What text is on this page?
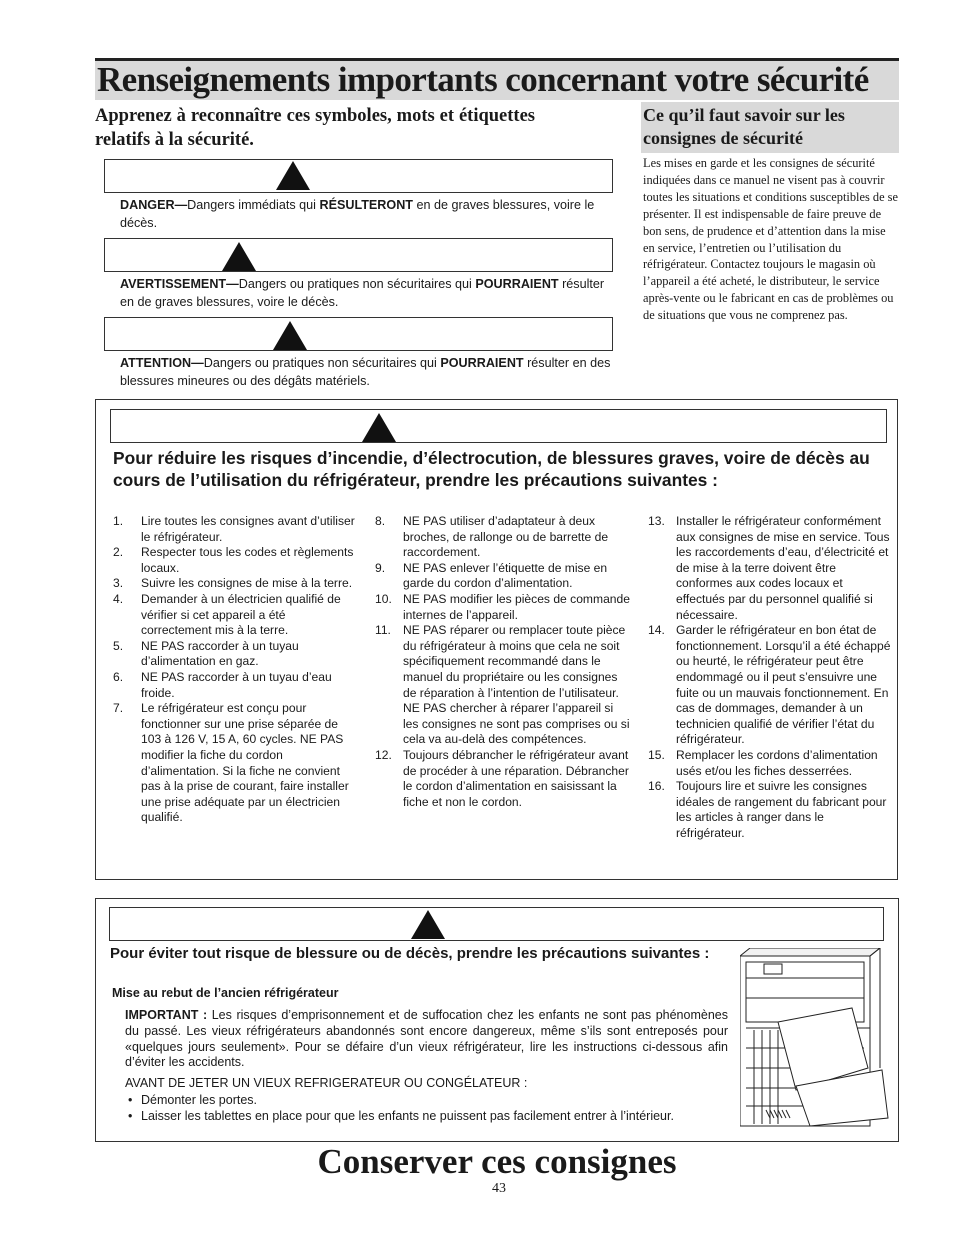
Renseignements importants concernant votre sécurité
Apprenez à reconnaître ces symboles, mots et étiquettes relatifs à la sécurité.
Ce qu’il faut savoir sur les consignes de sécurité
Les mises en garde et les consignes de sécurité indiquées dans ce manuel ne visent pas à couvrir toutes les situations et conditions susceptibles de se présenter. Il est indispensable de faire preuve de bon sens, de prudence et d’attention dans la mise en service, l’entretien ou l’utilisation du réfrigérateur. Contactez toujours le magasin où l’appareil a été acheté, le distributeur, le service après-vente ou le fabricant en cas de problèmes ou de situations que vous ne comprenez pas.
DANGER—Dangers immédiats qui RÉSULTERONT en de graves blessures, voire le décès.
AVERTISSEMENT—Dangers ou pratiques non sécuritaires qui POURRAIENT résulter en de graves blessures, voire le décès.
ATTENTION—Dangers ou pratiques non sécuritaires qui POURRAIENT résulter en des blessures mineures ou des dégâts matériels.
Pour réduire les risques d’incendie, d’électrocution, de blessures graves, voire de décès au cours de l’utilisation du réfrigérateur, prendre les précautions suivantes :
1. Lire toutes les consignes avant d’utiliser le réfrigérateur.
2. Respecter tous les codes et règlements locaux.
3. Suivre les consignes de mise à la terre.
4. Demander à un électricien qualifié de vérifier si cet appareil a été correctement mis à la terre.
5. NE PAS raccorder à un tuyau d’alimentation en gaz.
6. NE PAS raccorder à un tuyau d’eau froide.
7. Le réfrigérateur est conçu pour fonctionner sur une prise séparée de 103 à 126 V, 15 A, 60 cycles. NE PAS modifier la fiche du cordon d’alimentation. Si la fiche ne convient pas à la prise de courant, faire installer une prise adéquate par un électricien qualifié.
8. NE PAS utiliser d’adaptateur à deux broches, de rallonge ou de barrette de raccordement.
9. NE PAS enlever l’étiquette de mise en garde du cordon d’alimentation.
10. NE PAS modifier les pièces de commande internes de l’appareil.
11. NE PAS réparer ou remplacer toute pièce du réfrigérateur à moins que cela ne soit spécifiquement recommandé dans le manuel du propriétaire ou les consignes de réparation à l’intention de l’utilisateur. NE PAS chercher à réparer l’appareil si les consignes ne sont pas comprises ou si cela va au-delà des compétences.
12. Toujours débrancher le réfrigérateur avant de procéder à une réparation. Débrancher le cordon d’alimentation en saisissant la fiche et non le cordon.
13. Installer le réfrigérateur conformément aux consignes de mise en service. Tous les raccordements d’eau, d’électricité et de mise à la terre doivent être conformes aux codes locaux et effectués par du personnel qualifié si nécessaire.
14. Garder le réfrigérateur en bon état de fonctionnement. Lorsqu’il a été échappé ou heurté, le réfrigérateur peut être endommagé ou il peut s’ensuivre une fuite ou un mauvais fonctionnement. En cas de dommages, demander à un technicien qualifié de vérifier l’état du réfrigérateur.
15. Remplacer les cordons d’alimentation usés et/ou les fiches desserrées.
16. Toujours lire et suivre les consignes idéales de rangement du fabricant pour les articles à ranger dans le réfrigérateur.
Pour éviter tout risque de blessure ou de décès, prendre les précautions suivantes :
Mise au rebut de l’ancien réfrigérateur
IMPORTANT : Les risques d’emprisonnement et de suffocation chez les enfants ne sont pas phénomènes du passé. Les vieux réfrigérateurs abandonnés sont encore dangereux, même s’ils sont entreposés pour «quelques jours seulement». Pour se défaire d’un vieux réfrigérateur, lire les instructions ci-dessous afin d’éviter les accidents.
AVANT DE JETER UN VIEUX REFRIGERATEUR OU CONGÉLATEUR :
• Démonter les portes.
• Laisser les tablettes en place pour que les enfants ne puissent pas facilement entrer à l’intérieur.
Conserver ces consignes
43
